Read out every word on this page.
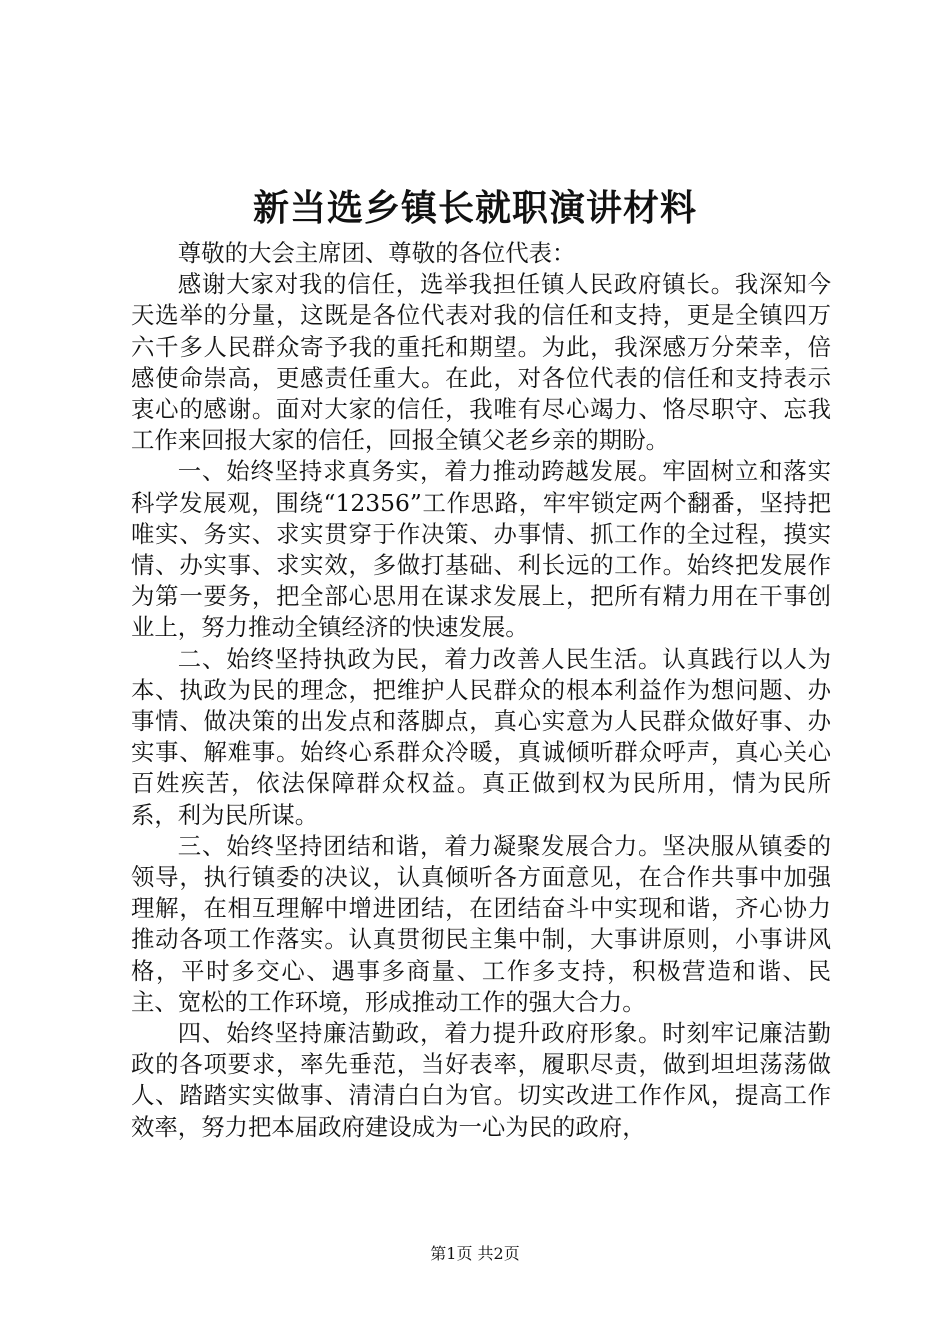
新当选乡镇长就职演讲材料

尊敬的大会主席团、尊敬的各位代表：

感谢大家对我的信任，选举我担任镇人民政府镇长。我深知今天选举的分量，这既是各位代表对我的信任和支持，更是全镇四万六千多人民群众寄予我的重托和期望。为此，我深感万分荣幸，倍感使命崇高，更感责任重大。在此，对各位代表的信任和支持表示衷心的感谢。面对大家的信任，我唯有尽心竭力、恪尽职守、忘我工作来回报大家的信任，回报全镇父老乡亲的期盼。

一、始终坚持求真务实，着力推动跨越发展。牢固树立和落实科学发展观，围绕“12356”工作思路，牢牢锁定两个翻番，坚持把唯实、务实、求实贯穿于作决策、办事情、抓工作的全过程，摸实情、办实事、求实效，多做打基础、利长远的工作。始终把发展作为第一要务，把全部心思用在谋求发展上，把所有精力用在干事创业上，努力推动全镇经济的快速发展。

二、始终坚持执政为民，着力改善人民生活。认真践行以人为本、执政为民的理念，把维护人民群众的根本利益作为想问题、办事情、做决策的出发点和落脚点，真心实意为人民群众做好事、办实事、解难事。始终心系群众冷暖，真诚倾听群众呼声，真心关心百姓疾苦，依法保障群众权益。真正做到权为民所用，情为民所系，利为民所谋。

三、始终坚持团结和谐，着力凝聚发展合力。坚决服从镇委的领导，执行镇委的决议，认真倾听各方面意见，在合作共事中加强理解，在相互理解中增进团结，在团结奋斗中实现和谐，齐心协力推动各项工作落实。认真贯彻民主集中制，大事讲原则，小事讲风格，平时多交心、遇事多商量、工作多支持，积极营造和谐、民主、宽松的工作环境，形成推动工作的强大合力。

四、始终坚持廉洁勤政，着力提升政府形象。时刻牢记廉洁勤政的各项要求，率先垂范，当好表率，履职尽责，做到坦坦荡荡做人、踏踏实实做事、清清白白为官。切实改进工作作风，提高工作效率，努力把本届政府建设成为一心为民的政府，

第1页 共2页
